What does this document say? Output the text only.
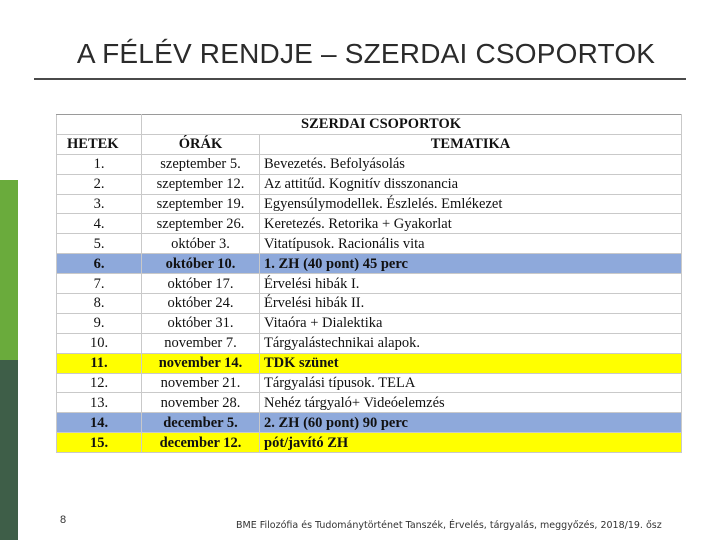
A FÉLÉV RENDJE – SZERDAI CSOPORTOK
	SZERDAI CSOPORTOK	
HETEK	ÓRÁK	TEMATIKA
1.	szeptember 5.	Bevezetés. Befolyásolás
2.	szeptember 12.	Az attitűd. Kognitív disszonancia
3.	szeptember 19.	Egyensúlymodellek. Észlelés. Emlékezet
4.	szeptember 26.	Keretezés. Retorika + Gyakorlat
5.	október 3.	Vitatípusok. Racionális vita
6.	október 10.	1. ZH (40 pont) 45 perc
7.	október 17.	Érvelési hibák I.
8.	október 24.	Érvelési hibák II.
9.	október 31.	Vitaóra + Dialektika
10.	november 7.	Tárgyalástechnikai alapok.
11.	november 14.	TDK szünet
12.	november 21.	Tárgyalási típusok. TELA
13.	november 28.	Nehéz tárgyaló+ Videóelemzés
14.	december 5.	2. ZH (60 pont) 90 perc
15.	december 12.	pót/javító ZH
8	BME Filozófia és Tudománytörténet Tanszék, Érvelés, tárgyalás, meggyőzés, 2018/19. ősz
